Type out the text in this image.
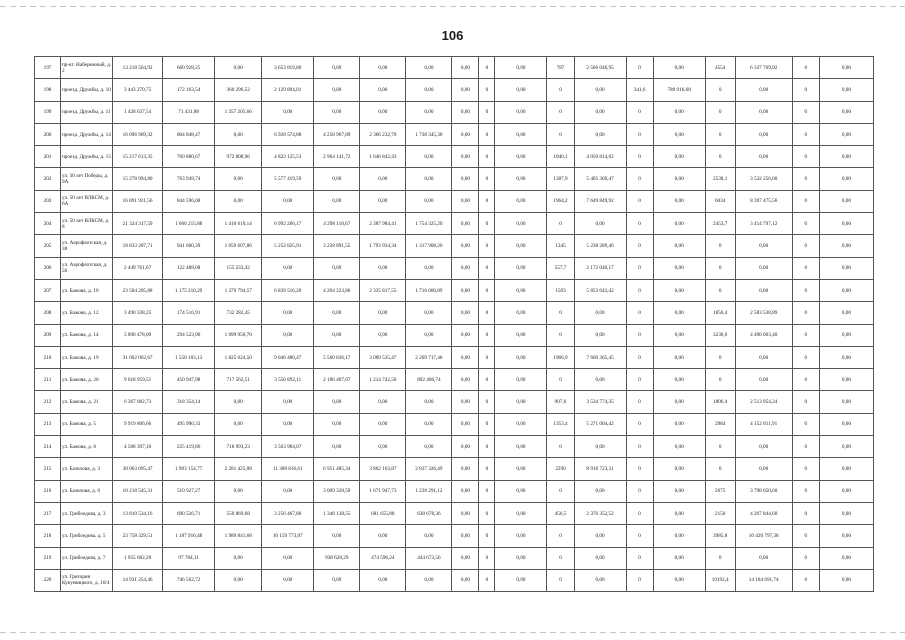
106
197	пр-кт. Набережный, д. 2	13 218 564,92	660 928,25	0,00	3 653 819,80	0,00	0,00	0,00	0,00	0	0,00	787	2 566 046,95	0	0,00	4554	6 337 769,92	0	0,00
198	проезд. Дружбы, д. 10	3 443 270,75	172 163,54	360 296,52	2 129 894,01	0,00	0,00	0,00	0,00	0	0,00	0	0,00	341,6	780 916,68	0	0,00	0	0,00
199	проезд. Дружбы, д. 11	1 428 637,54	71 431,88	1 357 205,66	0,00	0,00	0,00	0,00	0,00	0	0,00	0	0,00	0	0,00	0	0,00	0	0,00
200	проезд. Дружбы, д. 14	16 096 969,32	804 848,47	0,00	6 928 574,88	4 258 967,89	2 366 232,70	1 738 345,38	0,00	0	0,00	0	0,00	0	0,00	0	0,00	0	0,00
201	проезд. Дружбы, д. 15	15 217 613,35	760 880,67	972 808,96	4 822 125,53	2 964 141,72	1 646 842,43	0,00	0,00	0	0,00	1040,1	4 050 814,02	0	0,00	0	0,00	0	0,00
202	ул. 30 лет Победы, д. 9А	15 278 994,80	763 949,74	0,00	5 577 419,59	0,00	0,00	0,00	0,00	0	0,00	1387,9	5 405 369,47	0	0,00	2538,1	3 532 256,00	0	0,00
203	ул. 50 лет ВЛКСМ, д. 6А	16 891 921,56	844 596,08	0,00	0,00	0,00	0,00	0,00	0,00	0	0,00	1964,2	7 649 849,92	0	0,00	6034	8 397 475,56	0	0,00
204	ул. 50 лет ВЛКСМ, д. 8	21 324 317,59	1 066 215,88	1 410 610,14	6 992 266,17	4 298 118,67	2 387 984,41	1 754 325,20	0,00	0	0,00	0	0,00	0	0,00	2453,7	3 414 797,12	0	0,00
205	ул. Аэрофлотская, д. 38	18 833 207,71	941 660,39	1 059 607,86	5 252 825,91	3 228 891,55	1 793 934,34	1 317 908,20	0,00	0	0,00	1345	5 238 289,46	0	0,00	0	0,00	0	0,00
206	ул. Аэрофлотская, д. 50	2 449 761,67	122 488,08	155 233,42	0,00	0,00	0,00	0,00	0,00	0	0,00	557,7	2 172 040,17	0	0,00	0	0,00	0	0,00
207	ул. Бажова, д. 10	23 504 205,88	1 175 210,29	1 379 794,57	6 839 516,20	4 204 223,86	2 335 817,55	1 716 000,89	0,00	0	0,00	1503	5 853 642,42	0	0,00	0	0,00	0	0,00
208	ул. Бажова, д. 12	3 490 338,25	174 516,91	732 282,45	0,00	0,00	0,00	0,00	0,00	0	0,00	0	0,00	0	0,00	1856,4	2 583 538,89	0	0,00
209	ул. Бажова, д. 14	5 890 478,00	294 523,90	1 099 950,70	0,00	0,00	0,00	0,00	0,00	0	0,00	0	0,00	0	0,00	3230,6	4 496 003,40	0	0,00
210	ул. Бажова, д. 19	31 002 062,67	1 550 103,13	1 825 024,50	9 046 480,47	5 560 836,17	3 089 535,47	2 269 717,48	0,00	0	0,00	1966,9	7 660 365,45	0	0,00	0	0,00	0	0,00
211	ул. Бажова, д. 20	9 018 959,51	450 947,98	717 562,51	3 556 892,11	2 186 407,67	1 214 742,50	892 406,74	0,00	0	0,00	0	0,00	0	0,00	0	0,00	0	0,00
212	ул. Бажова, д. 21	6 367 082,73	318 354,14	0,00	0,00	0,00	0,00	0,00	0,00	0	0,00	907,6	3 534 774,35	0	0,00	1806,4	2 513 954,24	0	0,00
213	ул. Бажова, д. 5	9 919 806,66	495 990,33	0,00	0,00	0,00	0,00	0,00	0,00	0	0,00	1353,4	5 271 004,42	0	0,00	2984	4 152 811,91	0	0,00
214	ул. Бажова, д. 8	4 508 397,10	225 419,86	718 993,23	3 563 984,07	0,00	0,00	0,00	0,00	0	0,00	0	0,00	0	0,00	0	0,00	0	0,00
215	ул. Базилова, д. 3	38 063 095,47	1 903 154,77	2 281 425,08	11 308 816,61	6 951 485,34	3 862 163,87	2 837 326,49	0,00	0	0,00	2290	8 918 723,31	0	0,00	0	0,00	0	0,00
216	ул. Базилова, д. 8	10 218 545,31	510 927,27	0,00	0,00	3 009 328,59	1 671 947,73	1 228 291,12	0,00	0	0,00	0	0,00	0	0,00	2675	3 798 050,60	0	0,00
217	ул. Грибоедова, д. 3	13 810 534,16	690 526,71	550 869,68	3 256 467,86	1 348 138,55	681 655,88	638 678,36	0,00	0	0,00	456,5	2 376 352,52	0	0,00	2150	4 267 844,60	0	0,00
218	ул. Грибоедова, д. 5	23 758 329,51	1 187 916,48	1 989 841,68	10 159 773,97	0,00	0,00	0,00	0,00	0	0,00	0	0,00	0	0,00	3985,8	10 420 797,38	0	0,00
219	ул. Грибоедова, д. 7	1 955 682,20	97 784,11	0,00	0,00	938 628,29	474 596,24	444 673,56	0,00	0	0,00	0	0,00	0	0,00	0	0,00	0	0,00
220	ул. Григория Кукуевицкого, д. 10/4	14 931 254,46	746 562,72	0,00	0,00	0,00	0,00	0,00	0,00	0	0,00	0	0,00	0	0,00	10192,4	14 184 691,74	0	0,00
